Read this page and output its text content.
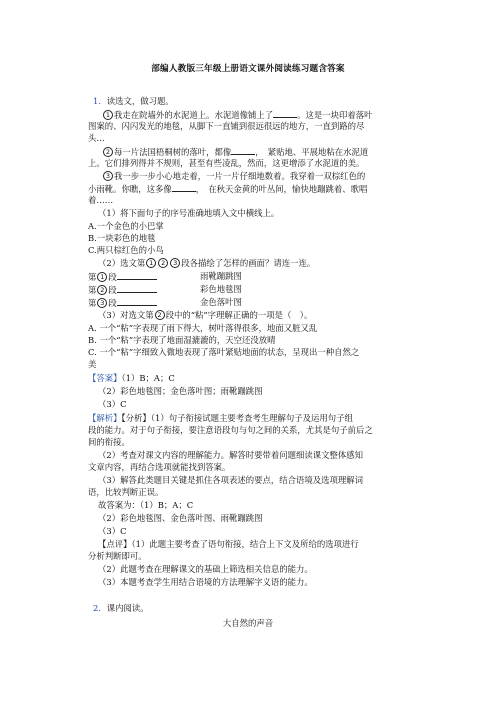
部编人教版三年级上册语文课外阅读练习题含答案
1．读选文，做习题。
1 我走在院墙外的水泥道上。水泥道像铺上了	。这是一块印着落叶
图案的、闪闪发光的地毯，从脚下一直铺到很远很远的地方，一直到路的尽
头…
2 每一片法国梧桐树的落叶，都像	，　紧贴地、平展地粘在水泥道
上。它们排列得并不规则，甚至有些凌乱，然而，这更增添了水泥道的美。
3 我一步一步小心地走着，一片一片仔细地数着。我穿着一双棕红色的
小雨靴。你瞧，这多像	，　在秋天金黄的叶丛间，愉快地蹦跳着、歌唱
着……
（1）将下面句子的序号准确地填入文中横线上。
A.一个金色的小巴掌
B.一块彩色的地毯
C.两只棕红色的小鸟
（2）选文第 1 2 3 段各描绘了怎样的画面？请连一连。
第 1 段	雨靴蹦跳图
第 2 段	彩色地毯图
第 3 段	金色落叶图
（3）对选文第 2 段中的“粘”字理解正确的一项是（　）。
A. 一个“粘”字表现了雨下得大，树叶落得很多，地面又脏又乱
B. 一个“粘”字表现了地面湿漉漉的，天空还没放晴
C. 一个“粘”字细致入微地表现了落叶紧贴地面的状态，呈现出一种自然之
美
【答案】（1）B；A；C
（2）彩色地毯图；金色落叶图；雨靴蹦跳图
（3）C
【解析】【分析】（1）句子衔接试题主要考查考生理解句子及运用句子组
段的能力。对于句子衔接，要注意语段句与句之间的关系，尤其是句子前后之
间的衔接。
（2）考查对课文内容的理解能力。解答时要带着问题细读课文整体感知
文章内容，再结合选项就能找到答案。
（3）解答此类题目关键是抓住各项表述的要点，结合语境及选项理解词
语，比较判断正误。
故答案为：（1）B；A；C
（2）彩色地毯图、金色落叶图、雨靴蹦跳图
（3）C
【点评】（1）此题主要考查了语句衔接，结合上下文及所给的选项进行
分析判断即可。
（2）此题考查在理解课文的基础上筛选相关信息的能力。
（3）本题考查学生用结合语境的方法理解字义语的能力。
2．课内阅读。
大自然的声音
